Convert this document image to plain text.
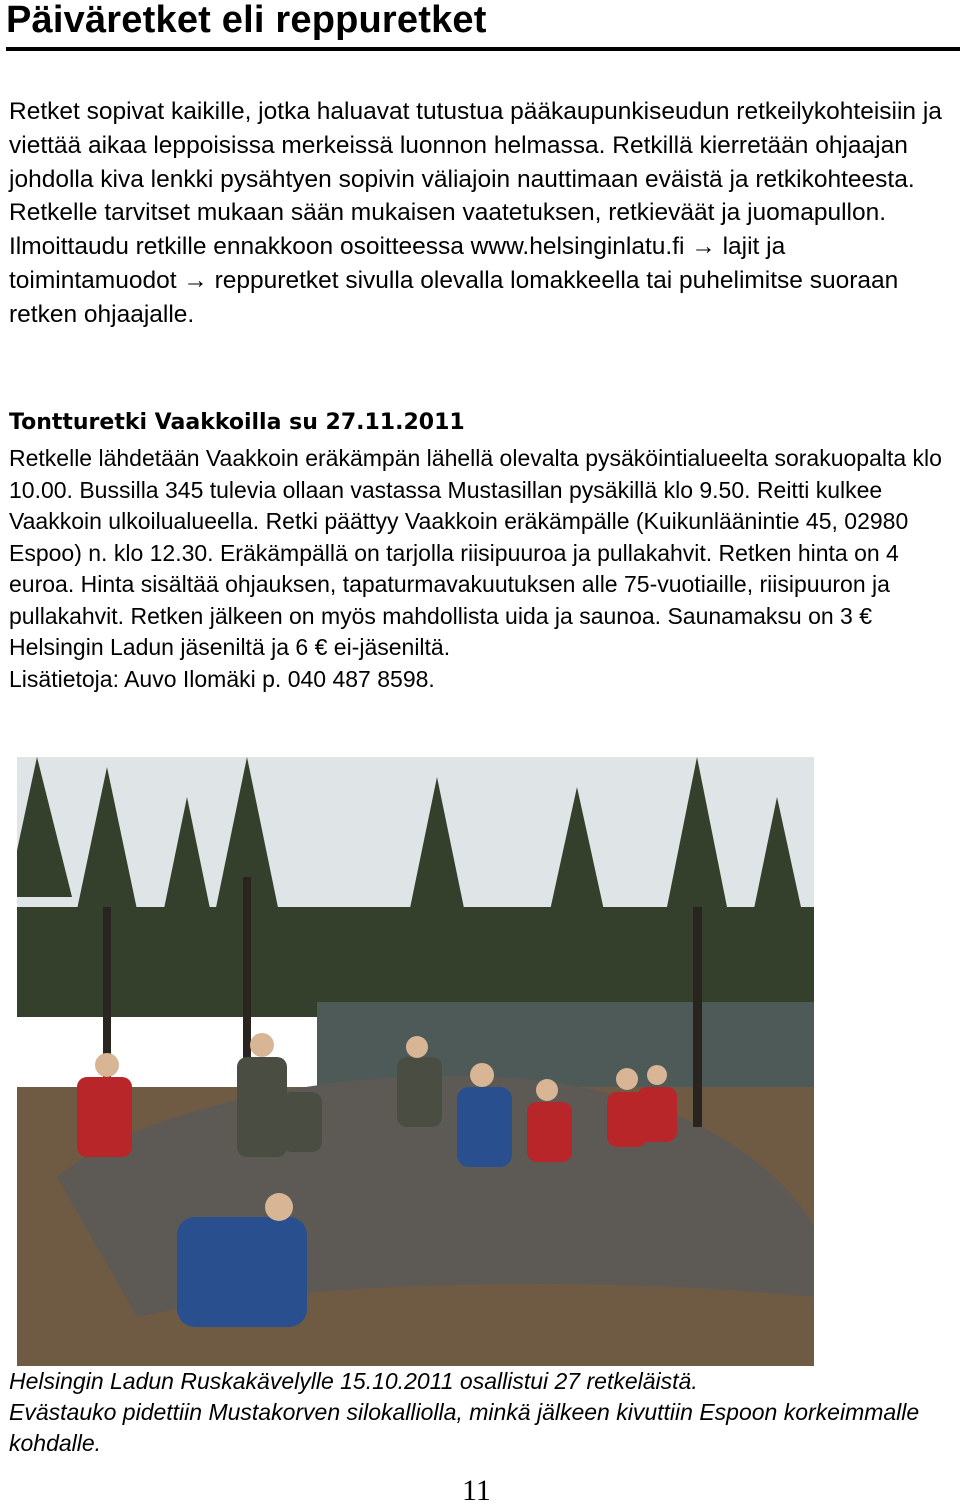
Päiväretket eli reppuretket

Retket sopivat kaikille, jotka haluavat tutustua pääkaupunkiseudun retkeilykohteisiin ja viettää aikaa leppoisissa merkeissä luonnon helmassa. Retkillä kierretään ohjaajan johdolla kiva lenkki pysähtyen sopivin väliajoin nauttimaan eväistä ja retkikohteesta. Retkelle tarvitset mukaan sään mukaisen vaatetuksen, retkieväät ja juomapullon. Ilmoittaudu retkille ennakkoon osoitteessa www.helsinginlatu.fi → lajit ja toimintamuodot → reppuretket sivulla olevalla lomakkeella tai puhelimitse suoraan retken ohjaajalle.

Tontturetki Vaakkoilla su 27.11.2011

Retkelle lähdetään Vaakkoin eräkämpän lähellä olevalta pysäköintialueelta sorakuopalta klo 10.00. Bussilla 345 tulevia ollaan vastassa Mustasillan pysäkillä klo 9.50. Reitti kulkee Vaakkoin ulkoilualueella. Retki päättyy Vaakkoin eräkämpälle (Kuikunläänintie 45, 02980 Espoo) n. klo 12.30. Eräkämpällä on tarjolla riisipuuroa ja pullakahvit. Retken hinta on 4 euroa. Hinta sisältää ohjauksen, tapaturmavakuutuksen alle 75-vuotiaille, riisipuuron ja pullakahvit. Retken jälkeen on myös mahdollista uida ja saunoa. Saunamaksu on 3 € Helsingin Ladun jäseniltä ja 6 € ei-jäseniltä.
Lisätietoja: Auvo Ilomäki p. 040 487 8598.

Helsingin Ladun Ruskakävelylle 15.10.2011 osallistui 27 retkeläistä.
Evästauko pidettiin Mustakorven silokalliolla, minkä jälkeen kivuttiin Espoon korkeimmalle kohdalle.

11
